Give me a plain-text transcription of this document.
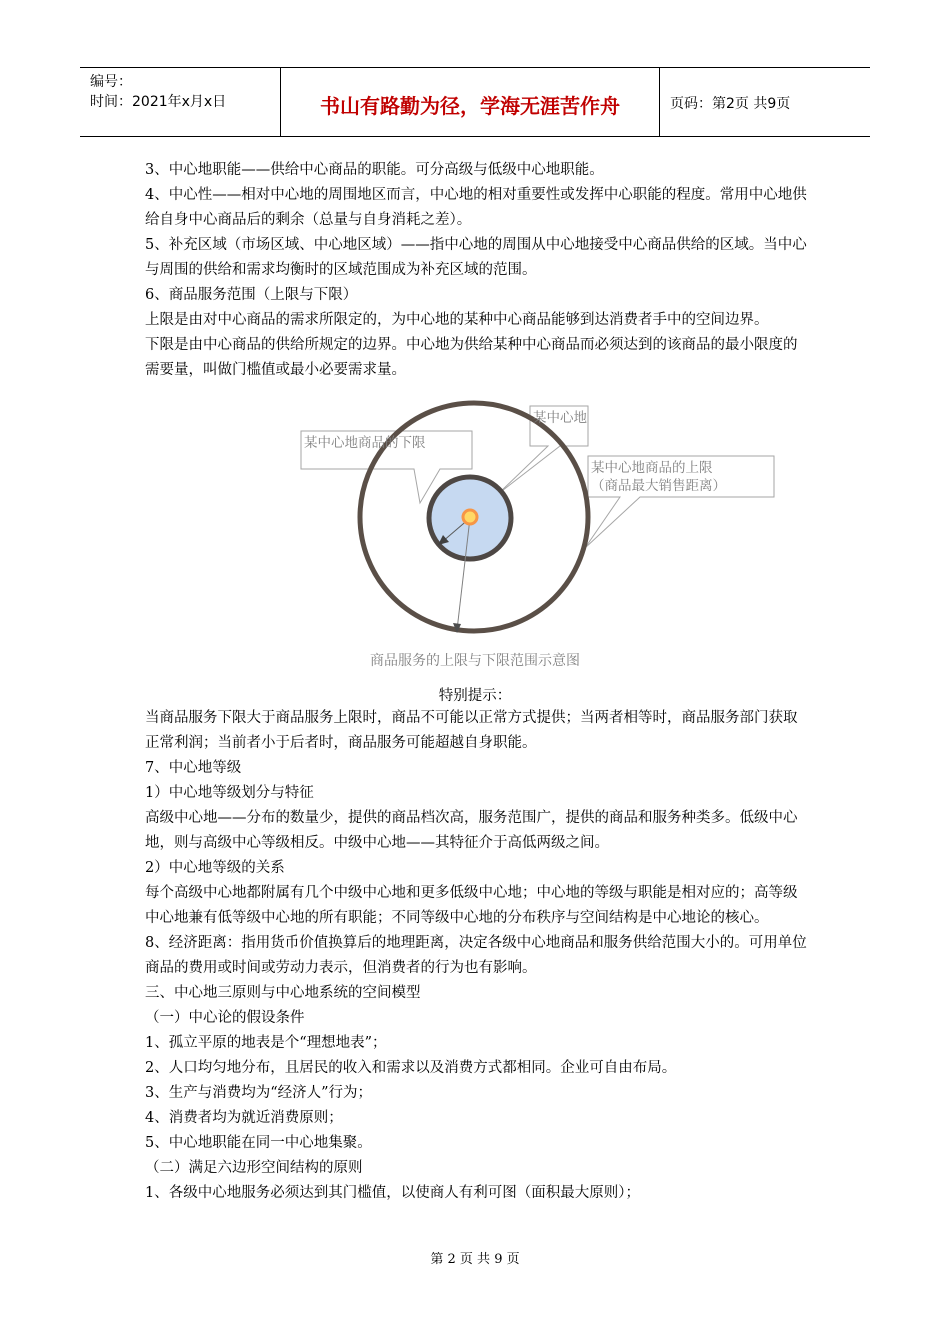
编号：
时间：2021年x月x日	书山有路勤为径，学海无涯苦作舟	页码：第2页 共9页

3、中心地职能——供给中心商品的职能。可分高级与低级中心地职能。

4、中心性——相对中心地的周围地区而言，中心地的相对重要性或发挥中心职能的程度。常用中心地供给自身中心商品后的剩余（总量与自身消耗之差）。

5、补充区域（市场区域、中心地区域）——指中心地的周围从中心地接受中心商品供给的区域。当中心与周围的供给和需求均衡时的区域范围成为补充区域的范围。

6、商品服务范围（上限与下限）

上限是由对中心商品的需求所限定的，为中心地的某种中心商品能够到达消费者手中的空间边界。

下限是由中心商品的供给所规定的边界。中心地为供给某种中心商品而必须达到的该商品的最小限度的需要量，叫做门槛值或最小必要需求量。

某中心地商品的下限
某中心地
某中心地商品的上限
（商品最大销售距离）
商品服务的上限与下限范围示意图
特别提示：

当商品服务下限大于商品服务上限时，商品不可能以正常方式提供；当两者相等时，商品服务部门获取正常利润；当前者小于后者时，商品服务可能超越自身职能。

7、中心地等级

1）中心地等级划分与特征

高级中心地——分布的数量少，提供的商品档次高，服务范围广，提供的商品和服务种类多。低级中心地，则与高级中心等级相反。中级中心地——其特征介于高低两级之间。

2）中心地等级的关系

每个高级中心地都附属有几个中级中心地和更多低级中心地；中心地的等级与职能是相对应的；高等级中心地兼有低等级中心地的所有职能；不同等级中心地的分布秩序与空间结构是中心地论的核心。

8、经济距离：指用货币价值换算后的地理距离，决定各级中心地商品和服务供给范围大小的。可用单位商品的费用或时间或劳动力表示，但消费者的行为也有影响。

三、中心地三原则与中心地系统的空间模型

（一）中心论的假设条件

1、孤立平原的地表是个“理想地表”；

2、人口均匀地分布，且居民的收入和需求以及消费方式都相同。企业可自由布局。

3、生产与消费均为“经济人”行为；

4、消费者均为就近消费原则；

5、中心地职能在同一中心地集聚。

（二）满足六边形空间结构的原则

1、各级中心地服务必须达到其门槛值，以使商人有利可图（面积最大原则）；

第 2 页 共 9 页
